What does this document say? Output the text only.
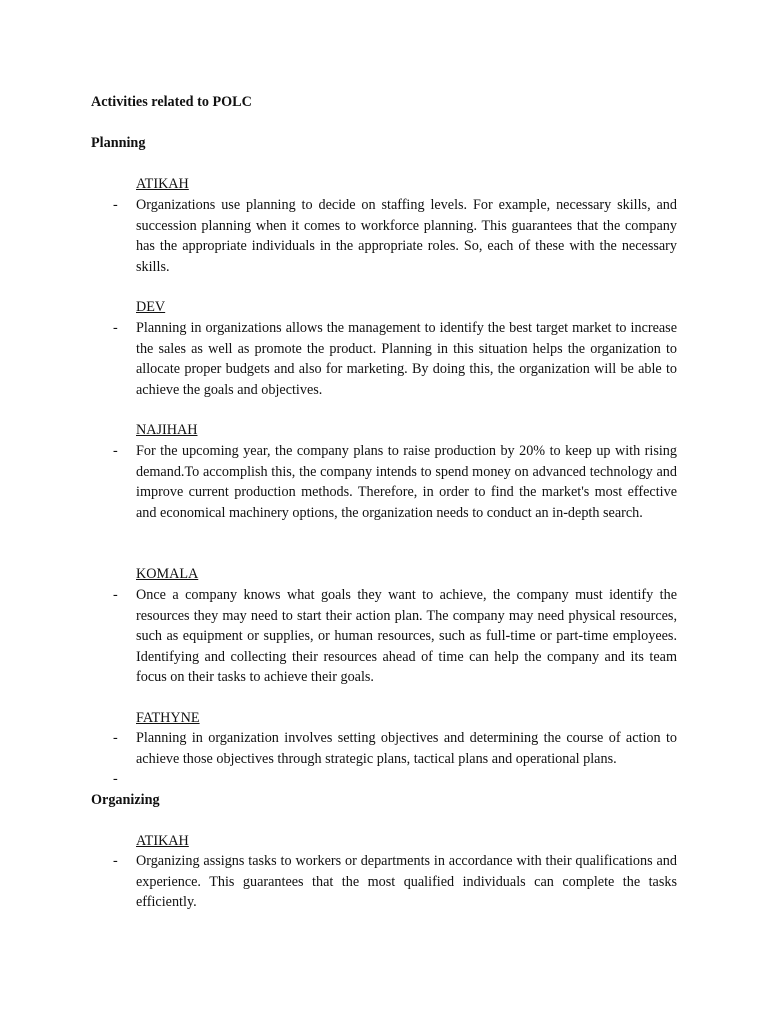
Activities related to POLC

Planning

ATIKAH

- Organizations use planning to decide on staffing levels. For example, necessary skills, and succession planning when it comes to workforce planning. This guarantees that the company has the appropriate individuals in the appropriate roles. So, each of these with the necessary skills.

DEV

- Planning in organizations allows the management to identify the best target market to increase the sales as well as promote the product. Planning in this situation helps the organization to allocate proper budgets and also for marketing. By doing this, the organization will be able to achieve the goals and objectives.

NAJIHAH

- For the upcoming year, the company plans to raise production by 20% to keep up with rising demand.To accomplish this, the company intends to spend money on advanced technology and improve current production methods. Therefore, in order to find the market's most effective and economical machinery options, the organization needs to conduct an in-depth search.

KOMALA

- Once a company knows what goals they want to achieve, the company must identify the resources they may need to start their action plan. The company may need physical resources, such as equipment or supplies, or human resources, such as full-time or part-time employees. Identifying and collecting their resources ahead of time can help the company and its team focus on their tasks to achieve their goals.

FATHYNE

- Planning in organization involves setting objectives and determining the course of action to achieve those objectives through strategic plans, tactical plans and operational plans.

-

Organizing

ATIKAH

- Organizing assigns tasks to workers or departments in accordance with their qualifications and experience. This guarantees that the most qualified individuals can complete the tasks efficiently.
